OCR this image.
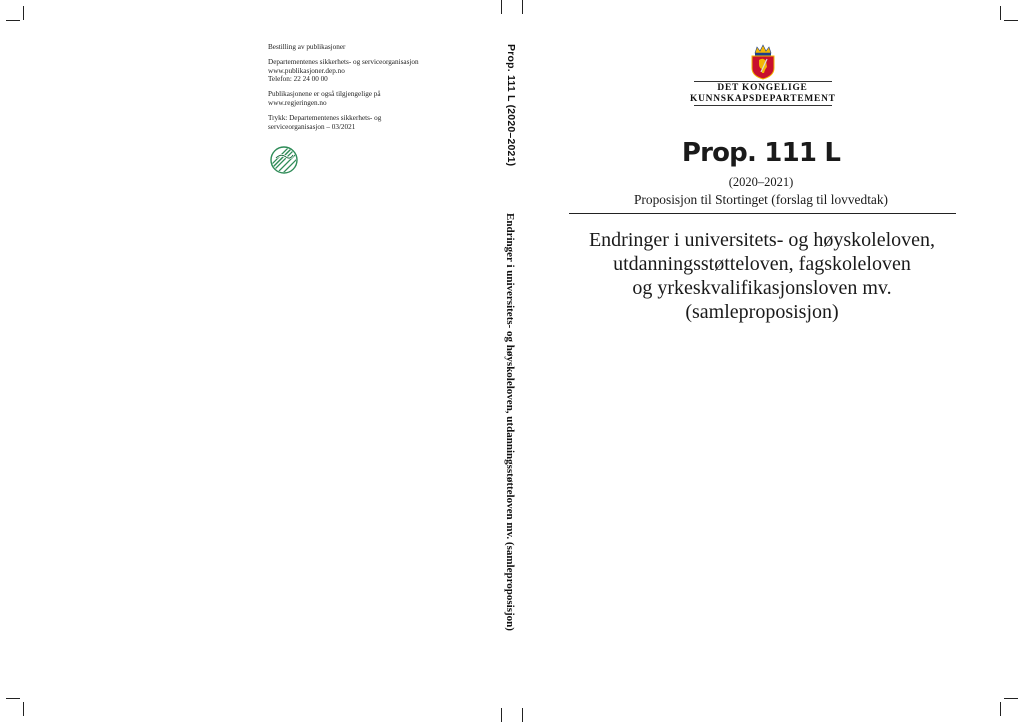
Bestilling av publikasjoner

Departementenes sikkerhets- og serviceorganisasjon
www.publikasjoner.dep.no
Telefon: 22 24 00 00

Publikasjonene er også tilgjengelige på
www.regjeringen.no

Trykk: Departementenes sikkerhets- og
serviceorganisasjon – 03/2021	Prop. 111 L (2020–2021)
Endringer i universitets- og høyskoleloven, utdanningsstøtteloven mv. (samleproposisjon)
DET KONGELIGE
KUNNSKAPSDEPARTEMENT
Prop. 111 L
(2020–2021)
Proposisjon til Stortinget (forslag til lovvedtak)
Endringer i universitets- og høyskoleloven,
utdanningsstøtteloven, fagskoleloven
og yrkeskvalifikasjonsloven mv.
(samleproposisjon)
